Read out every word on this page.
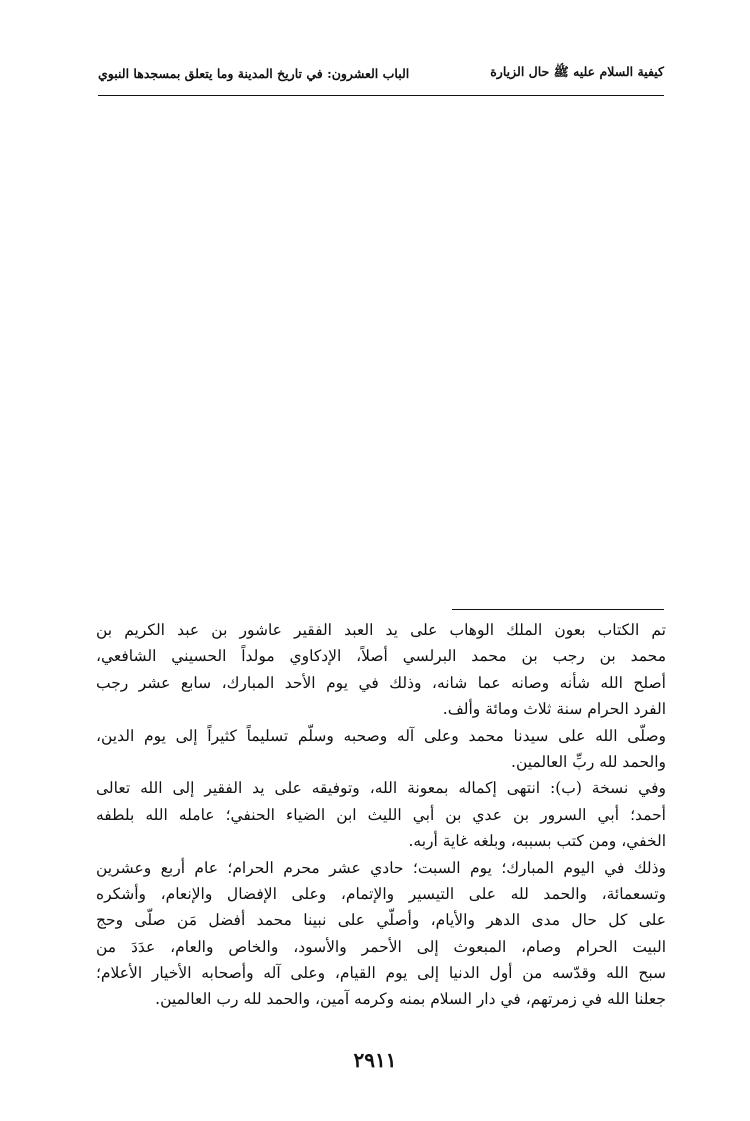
كيفية السلام عليه ﷺ حال الزيارة
الباب العشرون: في تاريخ المدينة وما يتعلق بمسجدها النبوي
تم الكتاب بعون الملك الوهاب على يد العبد الفقير عاشور بن عبد الكريم بن
محمد بن رجب بن محمد البرلسي أصلاً، الإدكاوي مولداً الحسيني الشافعي،
أصلح الله شأنه وصانه عما شانه، وذلك في يوم الأحد المبارك، سابع عشر رجب
الفرد الحرام سنة ثلاث ومائة وألف.
وصلّى الله على سيدنا محمد وعلى آله وصحبه وسلّم تسليماً كثيراً إلى يوم الدين،
والحمد لله ربِّ العالمين.
وفي نسخة (ب): انتهى إكماله بمعونة الله، وتوفيقه على يد الفقير إلى الله تعالى
أحمد؛ أبي السرور بن عدي بن أبي الليث ابن الضياء الحنفي؛ عامله الله بلطفه
الخفي، ومن كتب بسببه، وبلغه غاية أربه.
وذلك في اليوم المبارك؛ يوم السبت؛ حادي عشر محرم الحرام؛ عام أربع وعشرين
وتسعمائة، والحمد لله على التيسير والإتمام، وعلى الإفضال والإنعام، وأشكره
على كل حال مدى الدهر والأيام، وأصلّي على نبينا محمد أفضل مَن صلّى وحج
البيت الحرام وصام، المبعوث إلى الأحمر والأسود، والخاص والعام، عدَدَ من
سبح الله وقدّسه من أول الدنيا إلى يوم القيام، وعلى آله وأصحابه الأخيار الأعلام؛
جعلنا الله في زمرتهم، في دار السلام بمنه وكرمه آمين، والحمد لله رب العالمين.
٢٩١١
